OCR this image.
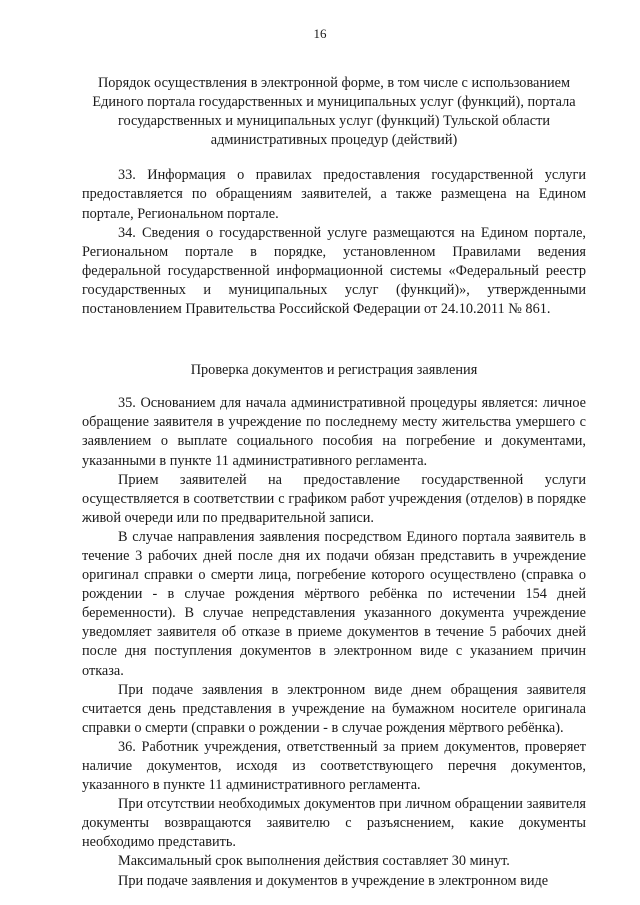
16

Порядок осуществления в электронной форме, в том числе с использованием Единого портала государственных и муниципальных услуг (функций), портала государственных и муниципальных услуг (функций) Тульской области административных процедур (действий)

33. Информация о правилах предоставления государственной услуги предоставляется по обращениям заявителей, а также размещена на Едином портале, Региональном портале.

34. Сведения о государственной услуге размещаются на Едином портале, Региональном портале в порядке, установленном Правилами ведения федеральной государственной информационной системы «Федеральный реестр государственных и муниципальных услуг (функций)», утвержденными постановлением Правительства Российской Федерации от 24.10.2011 № 861.

Проверка документов и регистрация заявления

35. Основанием для начала административной процедуры является: личное обращение заявителя в учреждение по последнему месту жительства умершего с заявлением о выплате социального пособия на погребение и документами, указанными в пункте 11 административного регламента.

Прием заявителей на предоставление государственной услуги осуществляется в соответствии с графиком работ учреждения (отделов) в порядке живой очереди или по предварительной записи.

В случае направления заявления посредством Единого портала заявитель в течение 3 рабочих дней после дня их подачи обязан представить в учреждение оригинал справки о смерти лица, погребение которого осуществлено (справка о рождении - в случае рождения мёртвого ребёнка по истечении 154 дней беременности). В случае непредставления указанного документа учреждение уведомляет заявителя об отказе в приеме документов в течение 5 рабочих дней после дня поступления документов в электронном виде с указанием причин отказа.

При подаче заявления в электронном виде днем обращения заявителя считается день представления в учреждение на бумажном носителе оригинала справки о смерти (справки о рождении - в случае рождения мёртвого ребёнка).

36. Работник учреждения, ответственный за прием документов, проверяет наличие документов, исходя из соответствующего перечня документов, указанного в пункте 11 административного регламента.

При отсутствии необходимых документов при личном обращении заявителя документы возвращаются заявителю с разъяснением, какие документы необходимо представить.

Максимальный срок выполнения действия составляет 30 минут.

При подаче заявления и документов в учреждение в электронном виде
